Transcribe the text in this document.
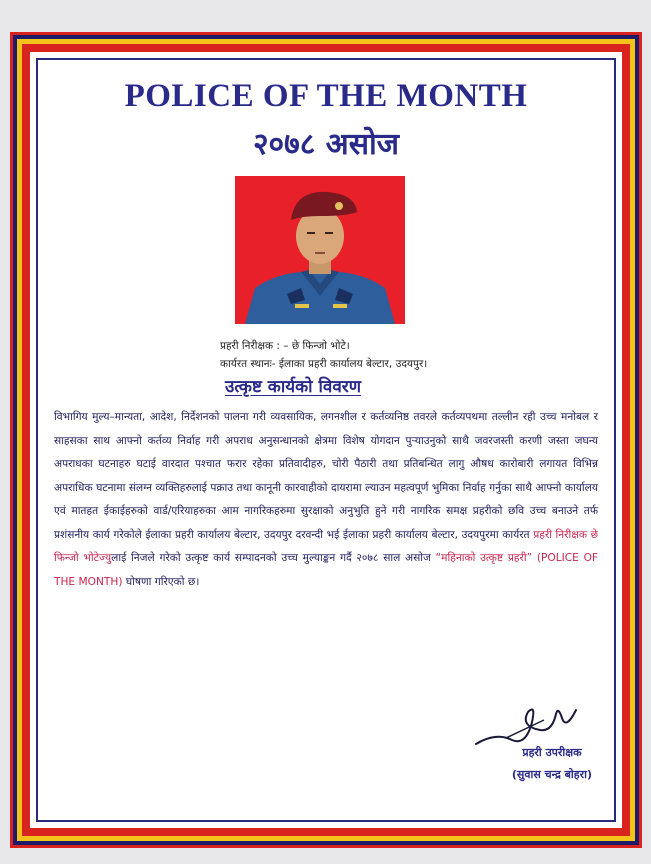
POLICE OF THE MONTH
२०७८ असोज
प्रहरी निरीक्षक : – छे फिन्जो भोटे।
कार्यरत स्थानः- ईलाका प्रहरी कार्यालय बेल्टार, उदयपुर।
उत्कृष्ट कार्यको विवरण
विभागिय मुल्य–मान्यता, आदेश, निर्देशनको पालना गरी व्यवसायिक, लगनशील र कर्तव्यनिष्ठ तवरले कर्तव्यपथमा तल्लीन रही उच्च मनोबल र साहसका साथ आफ्नो कर्तव्य निर्वाह गरी अपराध अनुसन्धानको क्षेत्रमा विशेष योगदान पुऱ्याउनुको साथै जवरजस्ती करणी जस्ता जघन्य अपराधका घटनाहरु घटाई वारदात पश्चात फरार रहेका प्रतिवादीहरु, चोरी पैठारी तथा प्रतिबन्धित लागु औषध कारोबारी लगायत विभिन्न अपराधिक घटनामा संलग्न व्यक्तिहरुलाई पक्राउ तथा कानूनी कारवाहीको दायरामा ल्याउन महत्वपूर्ण भुमिका निर्वाह गर्नुका साथै आफ्नो कार्यालय एवं मातहत ईकाईहरुको वार्ड/एरियाहरुका आम नागरिकहरुमा सुरक्षाको अनुभुति हुने गरी नागरिक समक्ष प्रहरीको छवि उच्च बनाउने तर्फ प्रशंसनीय कार्य गरेकोले ईलाका प्रहरी कार्यालय बेल्टार, उदयपुर दरवन्दी भई ईलाका प्रहरी कार्यालय बेल्टार, उदयपुरमा कार्यरत प्रहरी निरीक्षक छे फिन्जो भोटेज्युलाई निजले गरेको उत्कृष्ट कार्य सम्पादनको उच्च मुल्याङ्कन गर्दै २०७८ साल असोज “महिनाको उत्कृष्ट प्रहरी” (POLICE OF THE MONTH) घोषणा गरिएको छ।
प्रहरी उपरीक्षक
(सुवास चन्द्र बोहरा)
